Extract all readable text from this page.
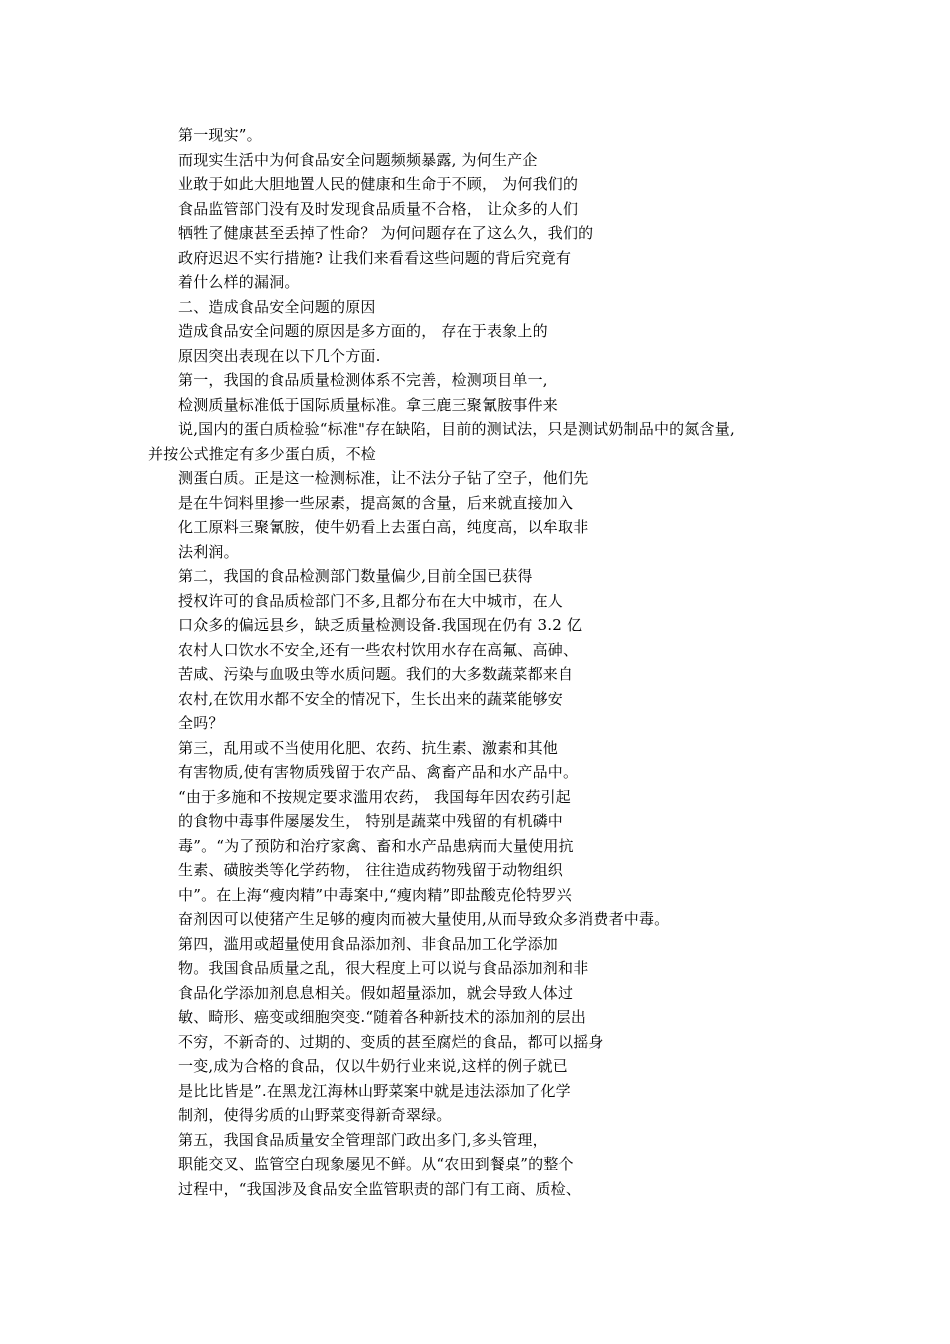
第一现实”。
而现实生活中为何食品安全问题频频暴露, 为何生产企
业敢于如此大胆地置人民的健康和生命于不顾， 为何我们的
食品监管部门没有及时发现食品质量不合格， 让众多的人们
牺牲了健康甚至丢掉了性命？ 为何问题存在了这么久，我们的
政府迟迟不实行措施? 让我们来看看这些问题的背后究竟有
着什么样的漏洞。
二、造成食品安全问题的原因
造成食品安全问题的原因是多方面的， 存在于表象上的
原因突出表现在以下几个方面.
第一，我国的食品质量检测体系不完善，检测项目单一,
检测质量标准低于国际质量标准。拿三鹿三聚氰胺事件来
说,国内的蛋白质检验“标准"存在缺陷，目前的测试法，只是测试奶制品中的氮含量,
并按公式推定有多少蛋白质，不检
测蛋白质。正是这一检测标准，让不法分子钻了空子，他们先
是在牛饲料里掺一些尿素，提高氮的含量，后来就直接加入
化工原料三聚氰胺，使牛奶看上去蛋白高，纯度高，以牟取非
法利润。
第二，我国的食品检测部门数量偏少,目前全国已获得
授权许可的食品质检部门不多,且都分布在大中城市，在人
口众多的偏远县乡，缺乏质量检测设备.我国现在仍有 3.2 亿
农村人口饮水不安全,还有一些农村饮用水存在高氟、高砷、
苦咸、污染与血吸虫等水质问题。我们的大多数蔬菜都来自
农村,在饮用水都不安全的情况下，生长出来的蔬菜能够安
全吗？
第三，乱用或不当使用化肥、农药、抗生素、激素和其他
有害物质,使有害物质残留于农产品、禽畜产品和水产品中。
“由于多施和不按规定要求滥用农药， 我国每年因农药引起
的食物中毒事件屡屡发生， 特别是蔬菜中残留的有机磷中
毒”。“为了预防和治疗家禽、畜和水产品患病而大量使用抗
生素、磺胺类等化学药物， 往往造成药物残留于动物组织
中”。在上海“瘦肉精”中毒案中,“瘦肉精”即盐酸克伦特罗兴
奋剂因可以使猪产生足够的瘦肉而被大量使用,从而导致众多消费者中毒。
第四，滥用或超量使用食品添加剂、非食品加工化学添加
物。我国食品质量之乱，很大程度上可以说与食品添加剂和非
食品化学添加剂息息相关。假如超量添加，就会导致人体过
敏、畸形、癌变或细胞突变.“随着各种新技术的添加剂的层出
不穷，不新奇的、过期的、变质的甚至腐烂的食品，都可以摇身
一变,成为合格的食品，仅以牛奶行业来说,这样的例子就已
是比比皆是”.在黑龙江海林山野菜案中就是违法添加了化学
制剂，使得劣质的山野菜变得新奇翠绿。
第五，我国食品质量安全管理部门政出多门,多头管理，
职能交叉、监管空白现象屡见不鲜。从“农田到餐桌”的整个
过程中，“我国涉及食品安全监管职责的部门有工商、质检、
